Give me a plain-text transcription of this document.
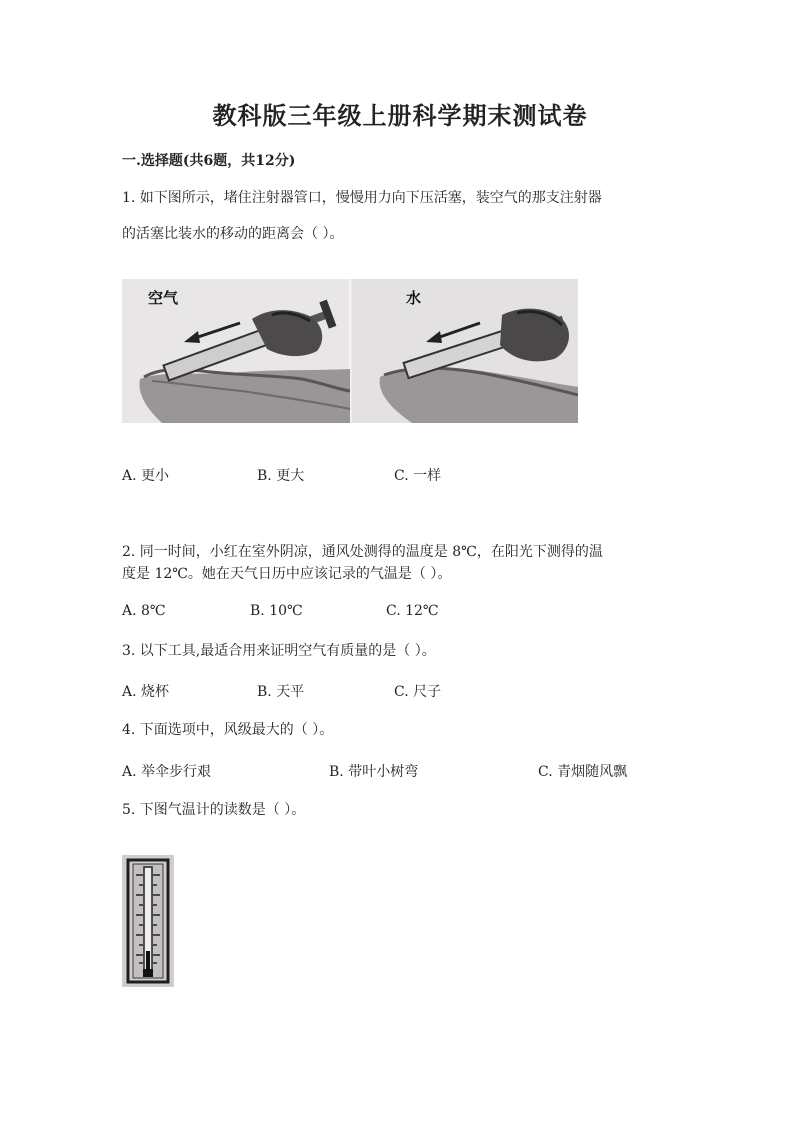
教科版三年级上册科学期末测试卷
一.选择题(共6题，共12分)

1. 如下图所示，堵住注射器管口，慢慢用力向下压活塞，装空气的那支注射器

的活塞比装水的移动的距离会（ ）。

空气	水
A. 更小	B. 更大	C. 一样

2. 同一时间，小红在室外阴凉，通风处测得的温度是 8℃，在阳光下测得的温

度是 12℃。她在天气日历中应该记录的气温是（ ）。

A. 8℃	B. 10℃	C. 12℃

3. 以下工具,最适合用来证明空气有质量的是（ ）。

A. 烧杯	B. 天平	C. 尺子

4. 下面选项中，风级最大的（ ）。

A. 举伞步行艰	B. 带叶小树弯	C. 青烟随风飘

5. 下图气温计的读数是（ ）。
